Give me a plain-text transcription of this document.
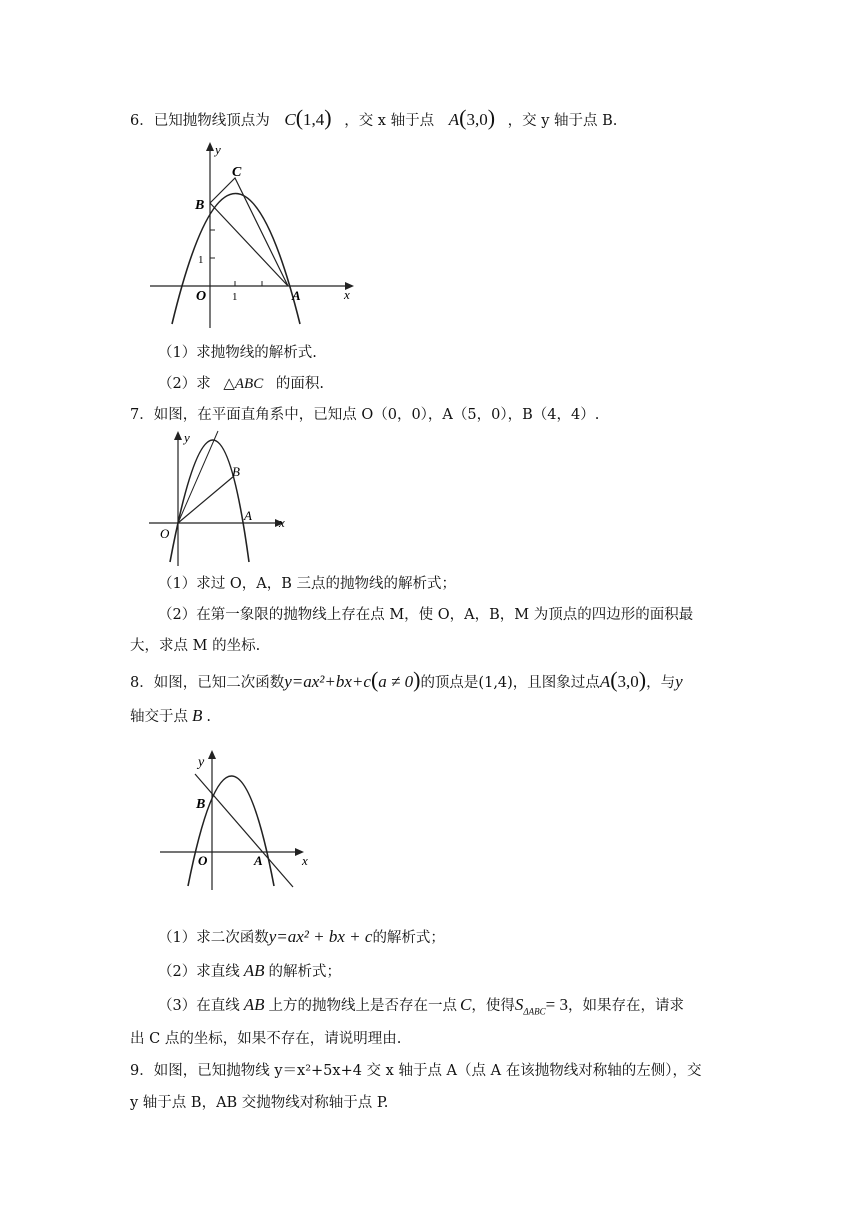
6．已知抛物线顶点为 C(1,4) ，交 x 轴于点 A(3,0) ，交 y 轴于点 B.
y
C
B
1
O 1	A	x
（1）求抛物线的解析式.
（2）求 △ABC 的面积.
7．如图，在平面直角系中，已知点 O（0，0），A（5，0），B（4，4）.
y
B
A
O
x
（1）求过 O，A，B 三点的抛物线的解析式；
（2）在第一象限的抛物线上存在点 M，使 O，A，B，M 为顶点的四边形的面积最
大，求点 M 的坐标.
8．如图，已知二次函数y=ax²+bx+c(a ≠ 0)的顶点是(1,4)，且图象过点A(3,0)，与y
轴交于点 B .
y
B
O	A	x
（1）求二次函数y=ax² + bx + c的解析式；
（2）求直线 AB 的解析式；
（3）在直线 AB 上方的抛物线上是否存在一点 C，使得$S_{\Delta ABC}= 3$，如果存在，请求
出 C 点的坐标，如果不存在，请说明理由.
9．如图，已知抛物线 y＝x²+5x+4 交 x 轴于点 A（点 A 在该抛物线对称轴的左侧），交
y 轴于点 B，AB 交抛物线对称轴于点 P.
